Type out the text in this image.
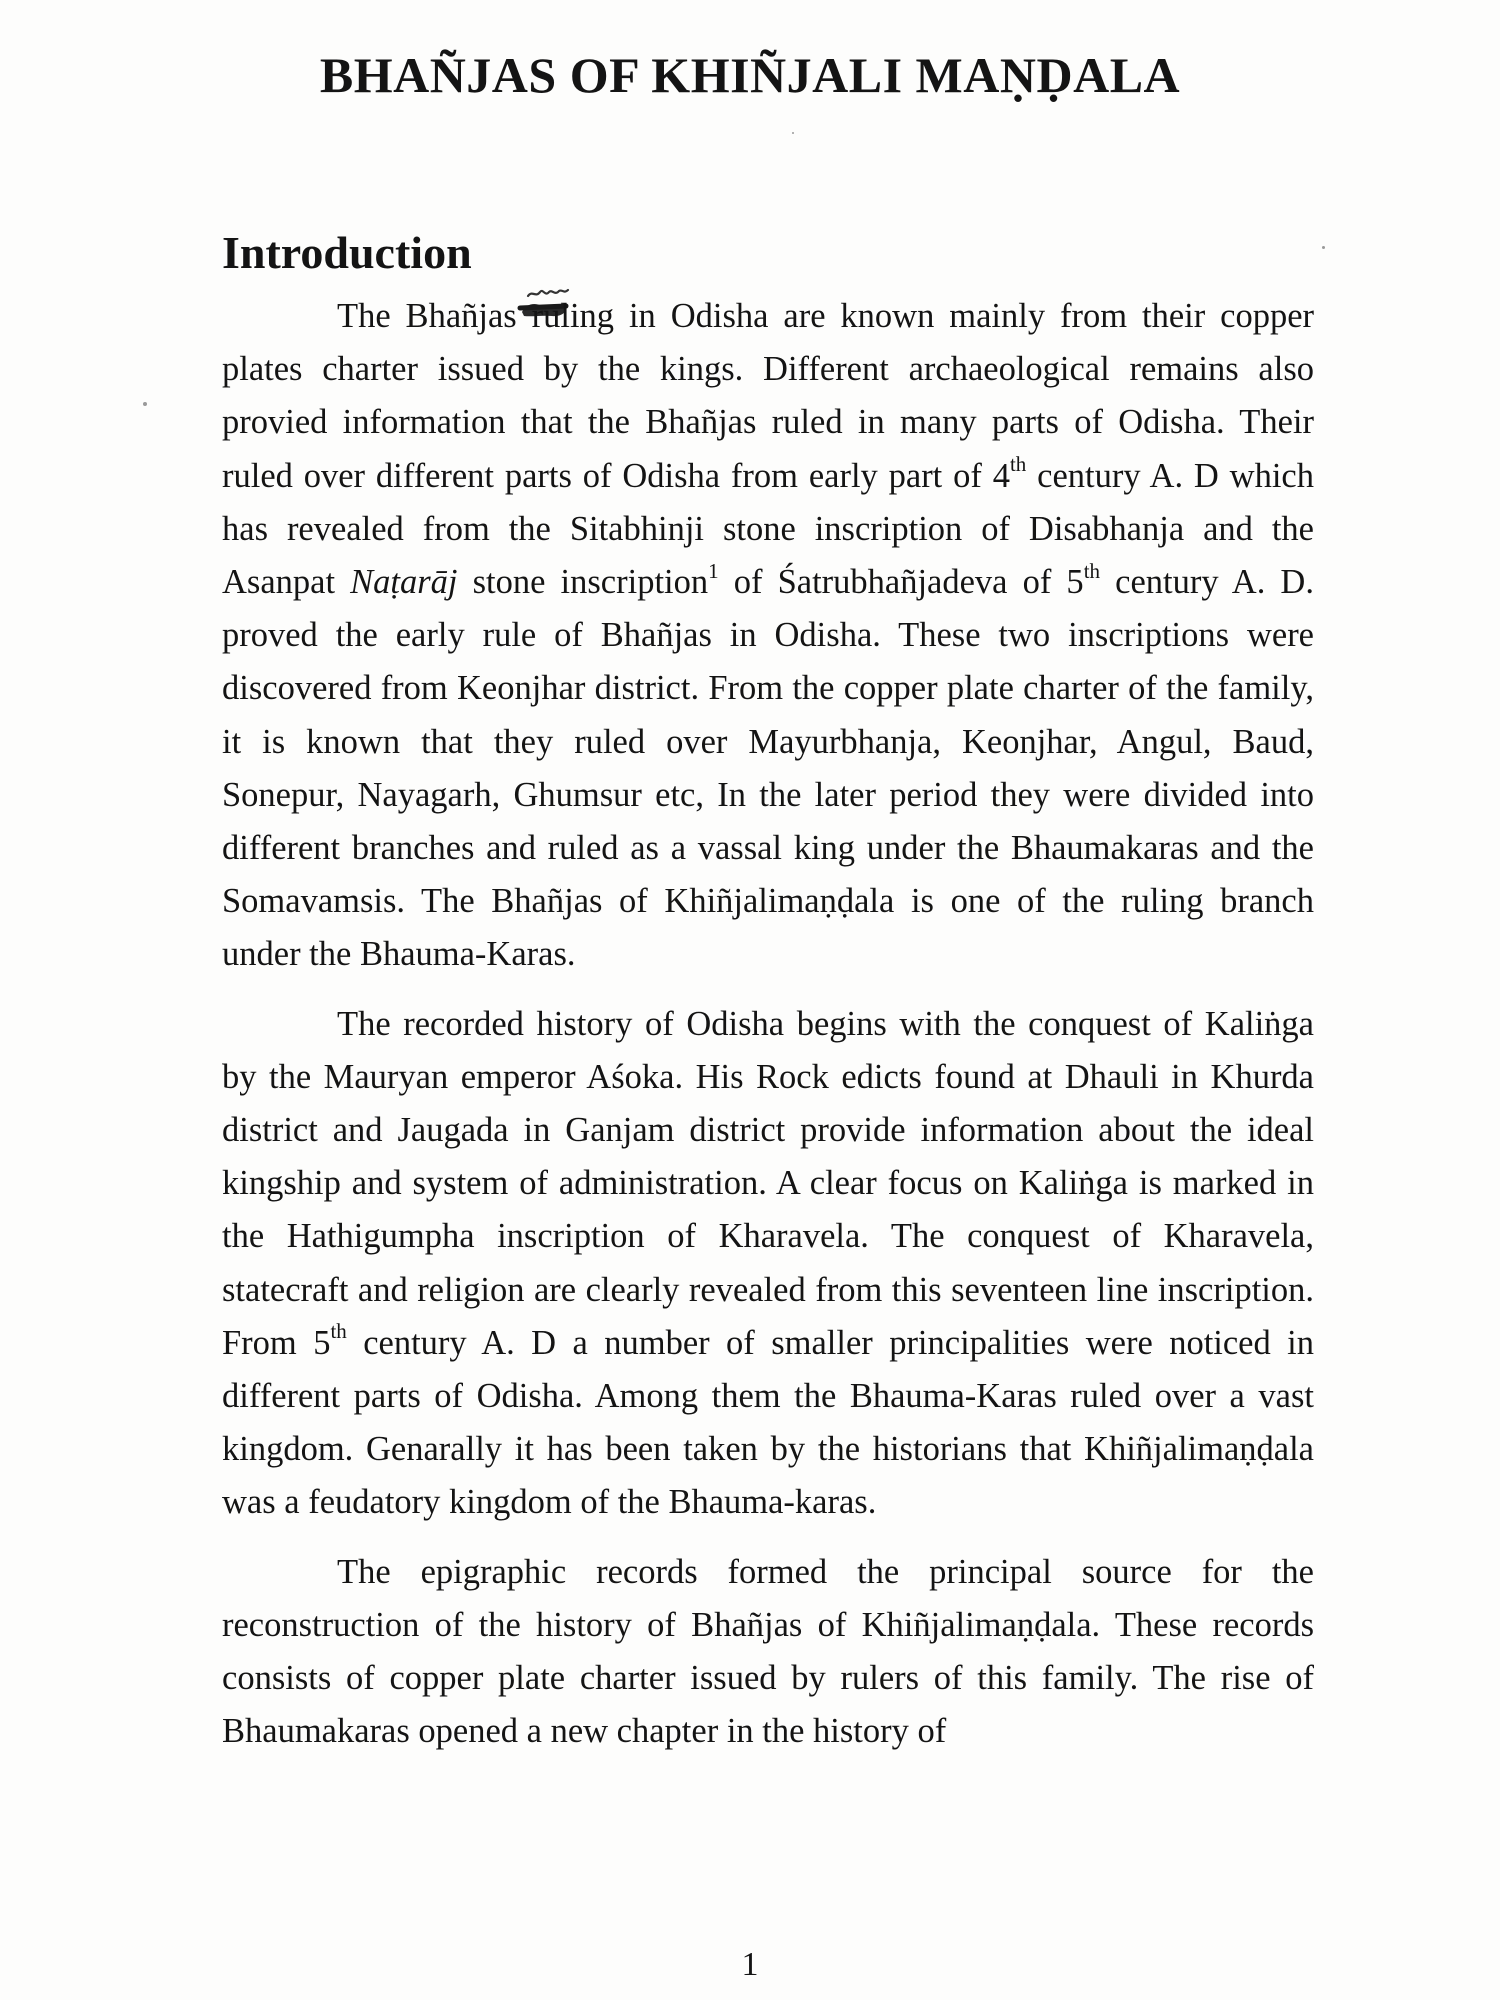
BHAÑJAS OF KHIÑJALI MAṆḌALA
Introduction

The Bhañjas ruling in Odisha are known mainly from their copper plates charter issued by the kings. Different archaeological remains also provied information that the Bhañjas ruled in many parts of Odisha. Their ruled over different parts of Odisha from early part of 4th century A. D which has revealed from the Sitabhinji stone inscription of Disabhanja and the Asanpat Naṭarāj stone inscription$^1$ of Śatrubhañjadeva of 5th century A. D. proved the early rule of Bhañjas in Odisha. These two inscriptions were discovered from Keonjhar district. From the copper plate charter of the family, it is known that they ruled over Mayurbhanja, Keonjhar, Angul, Baud, Sonepur, Nayagarh, Ghumsur etc, In the later period they were divided into different branches and ruled as a vassal king under the Bhaumakaras and the Somavamsis. The Bhañjas of Khiñjalimaṇḍala is one of the ruling branch under the Bhauma-Karas.

The recorded history of Odisha begins with the conquest of Kaliṅga by the Mauryan emperor Aśoka. His Rock edicts found at Dhauli in Khurda district and Jaugada in Ganjam district provide information about the ideal kingship and system of administration. A clear focus on Kaliṅga is marked in the Hathigumpha inscription of Kharavela. The conquest of Kharavela, statecraft and religion are clearly revealed from this seventeen line inscription. From 5th century A. D a number of smaller principalities were noticed in different parts of Odisha. Among them the Bhauma-Karas ruled over a vast kingdom. Genarally it has been taken by the historians that Khiñjalimaṇḍala was a feudatory kingdom of the Bhauma-karas.

The epigraphic records formed the principal source for the reconstruction of the history of Bhañjas of Khiñjalimaṇḍala. These records consists of copper plate charter issued by rulers of this family. The rise of Bhaumakaras opened a new chapter in the history of

1
